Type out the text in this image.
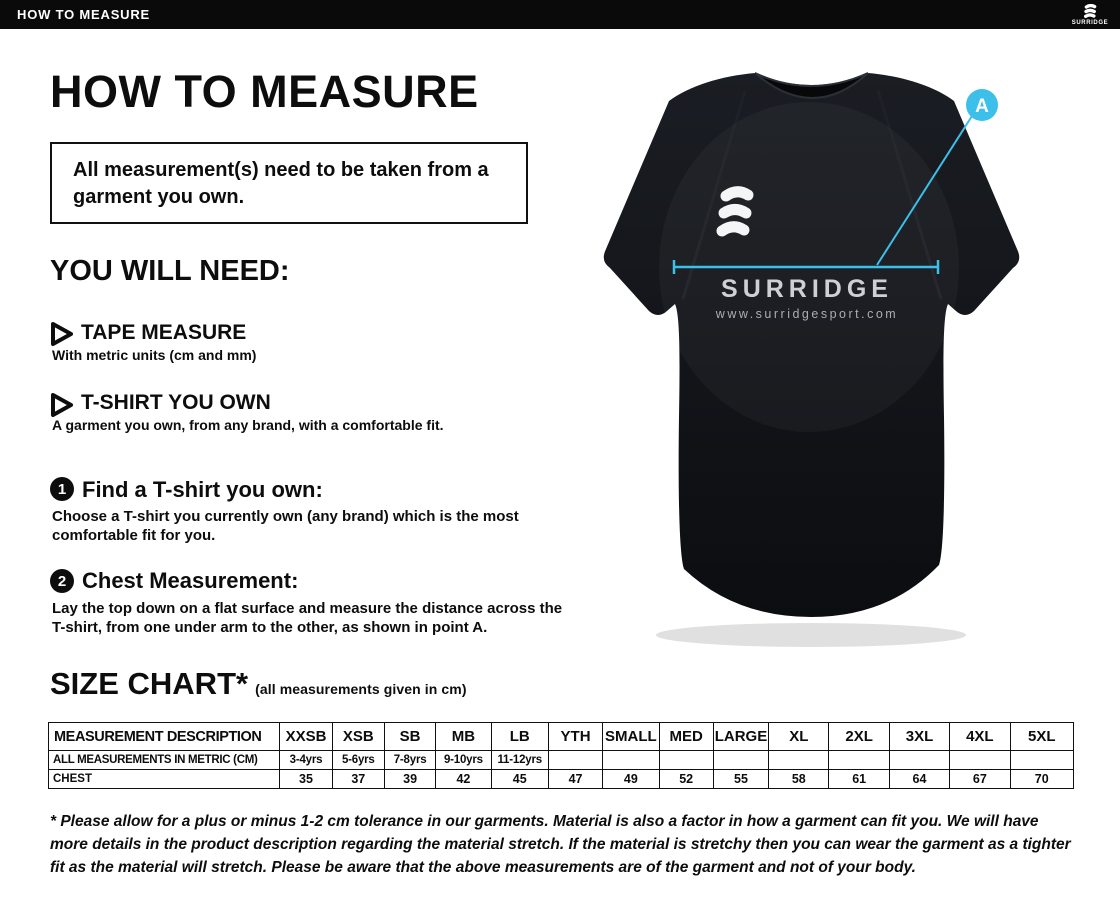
HOW TO MEASURE
SURRIDGE
HOW TO MEASURE

All measurement(s) need to be taken from a garment you own.

YOU WILL NEED:
TAPE MEASURE
With metric units (cm and mm)
T-SHIRT YOU OWN
A garment you own, from any brand, with a comfortable fit.
1 Find a T-shirt you own:
Choose a T-shirt you currently own (any brand) which is the most comfortable fit for you.
2 Chest Measurement:
Lay the top down on a flat surface and measure the distance across the T-shirt, from one under arm to the other, as shown in point A.
SIZE CHART* (all measurements given in cm)
MEASUREMENT DESCRIPTION	XXSB	XSB	SB	MB	LB	YTH	SMALL	MED	LARGE	XL	2XL	3XL	4XL	5XL
ALL MEASUREMENTS IN METRIC (CM)	3-4yrs	5-6yrs	7-8yrs	9-10yrs	11-12yrs									
CHEST	35	37	39	42	45	47	49	52	55	58	61	64	67	70
* Please allow for a plus or minus 1-2 cm tolerance in our garments. Material is also a factor in how a garment can fit you. We will have more details in the product description regarding the material stretch. If the material is stretchy then you can wear the garment as a tighter fit as the material will stretch. Please be aware that the above measurements are of the garment and not of your body.
A
SURRIDGE
www.surridgesport.com
